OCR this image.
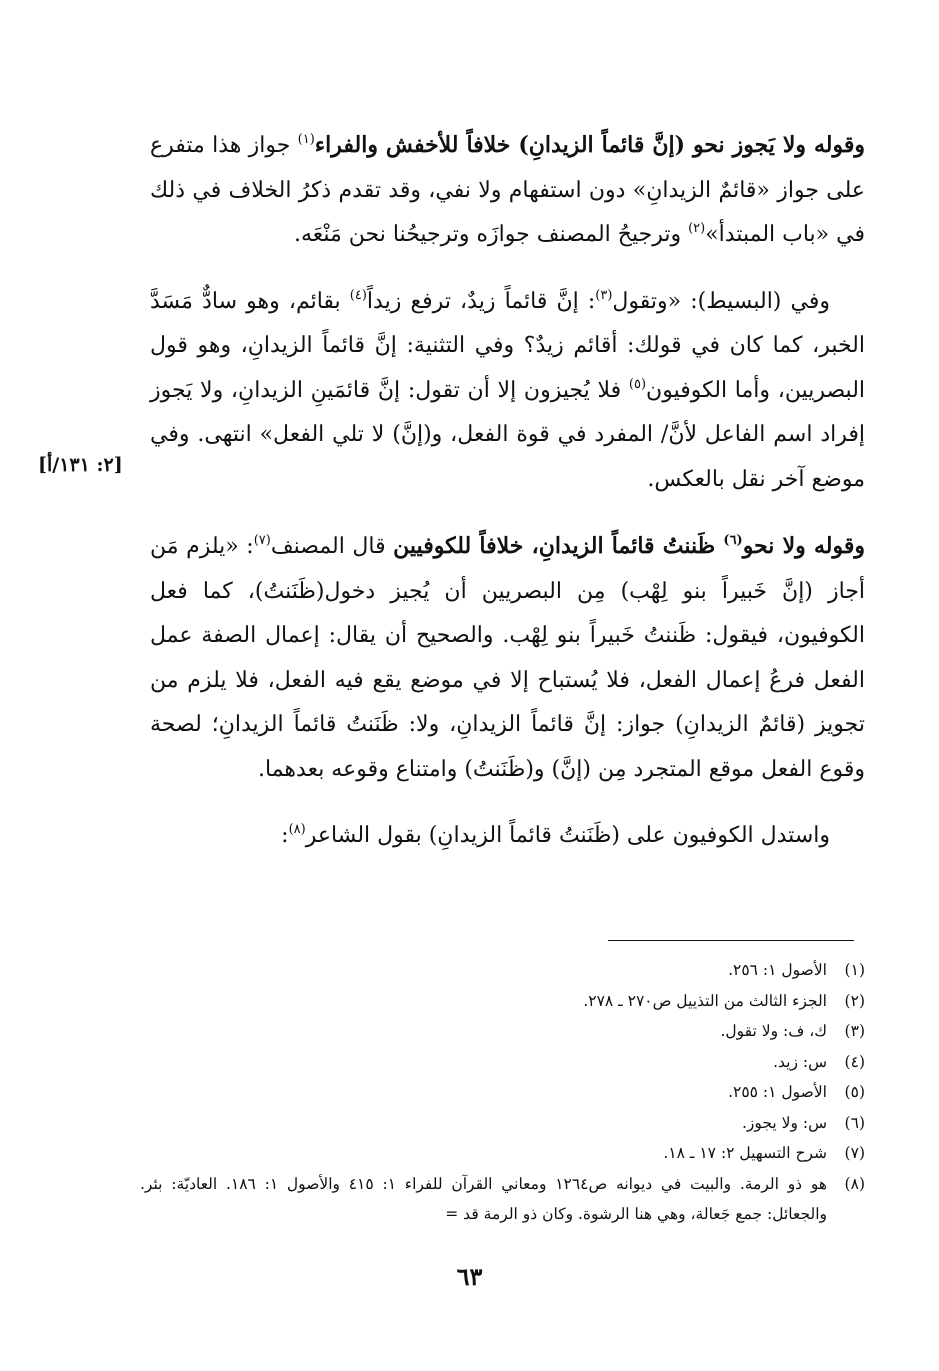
وقوله ولا يَجوز نحو (إنَّ قائماً الزيدانِ) خلافاً للأخفش والفراء$^{(١)}$ جواز هذا متفرع على جواز «قائمٌ الزيدانِ» دون استفهام ولا نفي، وقد تقدم ذكرُ الخلاف في ذلك في «باب المبتدأ»$^{(٢)}$ وترجيحُ المصنف جوازَه وترجيحُنا نحن مَنْعَه.

وفي (البسيط): «وتقول$^{(٣)}$: إنَّ قائماً زيدٌ، ترفع زيداً$^{(٤)}$ بقائم، وهو سادٌّ مَسَدَّ الخبر، كما كان في قولك: أقائم زيدٌ؟ وفي التثنية: إنَّ قائماً الزيدانِ، وهو قول البصريين، وأما الكوفيون$^{(٥)}$ فلا يُجيزون إلا أن تقول: إنَّ قائمَينِ الزيدانِ، ولا يَجوز إفراد اسم الفاعل لأنَّ/ المفرد في قوة الفعل، و(إنَّ) لا تلي الفعل» انتهى. وفي موضع آخر نقل بالعكس.

وقوله ولا نحو$^{(٦)}$ ظَننتُ قائماً الزيدانِ، خلافاً للكوفيين قال المصنف$^{(٧)}$: «يلزم مَن أجاز (إنَّ خَبيراً بنو لِهْب) مِن البصريين أن يُجيز دخول(ظَنَنتُ)، كما فعل الكوفيون، فيقول: ظَننتُ خَبيراً بنو لِهْب. والصحيح أن يقال: إعمال الصفة عمل الفعل فرعُ إعمال الفعل، فلا يُستباح إلا في موضع يقع فيه الفعل، فلا يلزم من تجويز (قائمٌ الزيدانِ) جواز: إنَّ قائماً الزيدانِ، ولا: ظَنَنتُ قائماً الزيدانِ؛ لصحة وقوع الفعل موقع المتجرد مِن (إنَّ) و(ظَنَنتُ) وامتناع وقوعه بعدهما.

واستدل الكوفيون على (ظَنَنتُ قائماً الزيدانِ) بقول الشاعر$^{(٨)}$:

[٢: ١٣١/أ]
(١)
الأصول ١: ٢٥٦.
(٢)
الجزء الثالث من التذييل ص٢٧٠ ـ ٢٧٨.
(٣)
ك، ف: ولا تقول.
(٤)
س: زيد.
(٥)
الأصول ١: ٢٥٥.
(٦)
س: ولا يجوز.
(٧)
شرح التسهيل ٢: ١٧ ـ ١٨.
(٨)
هو ذو الرمة. والبيت في ديوانه ص١٢٦٤ ومعاني القرآن للفراء ١: ٤١٥ والأصول ١: ١٨٦. العاديّة: بئر. والجعائل: جمع جَعالة، وهي هنا الرشوة. وكان ذو الرمة قد =
٦٣
